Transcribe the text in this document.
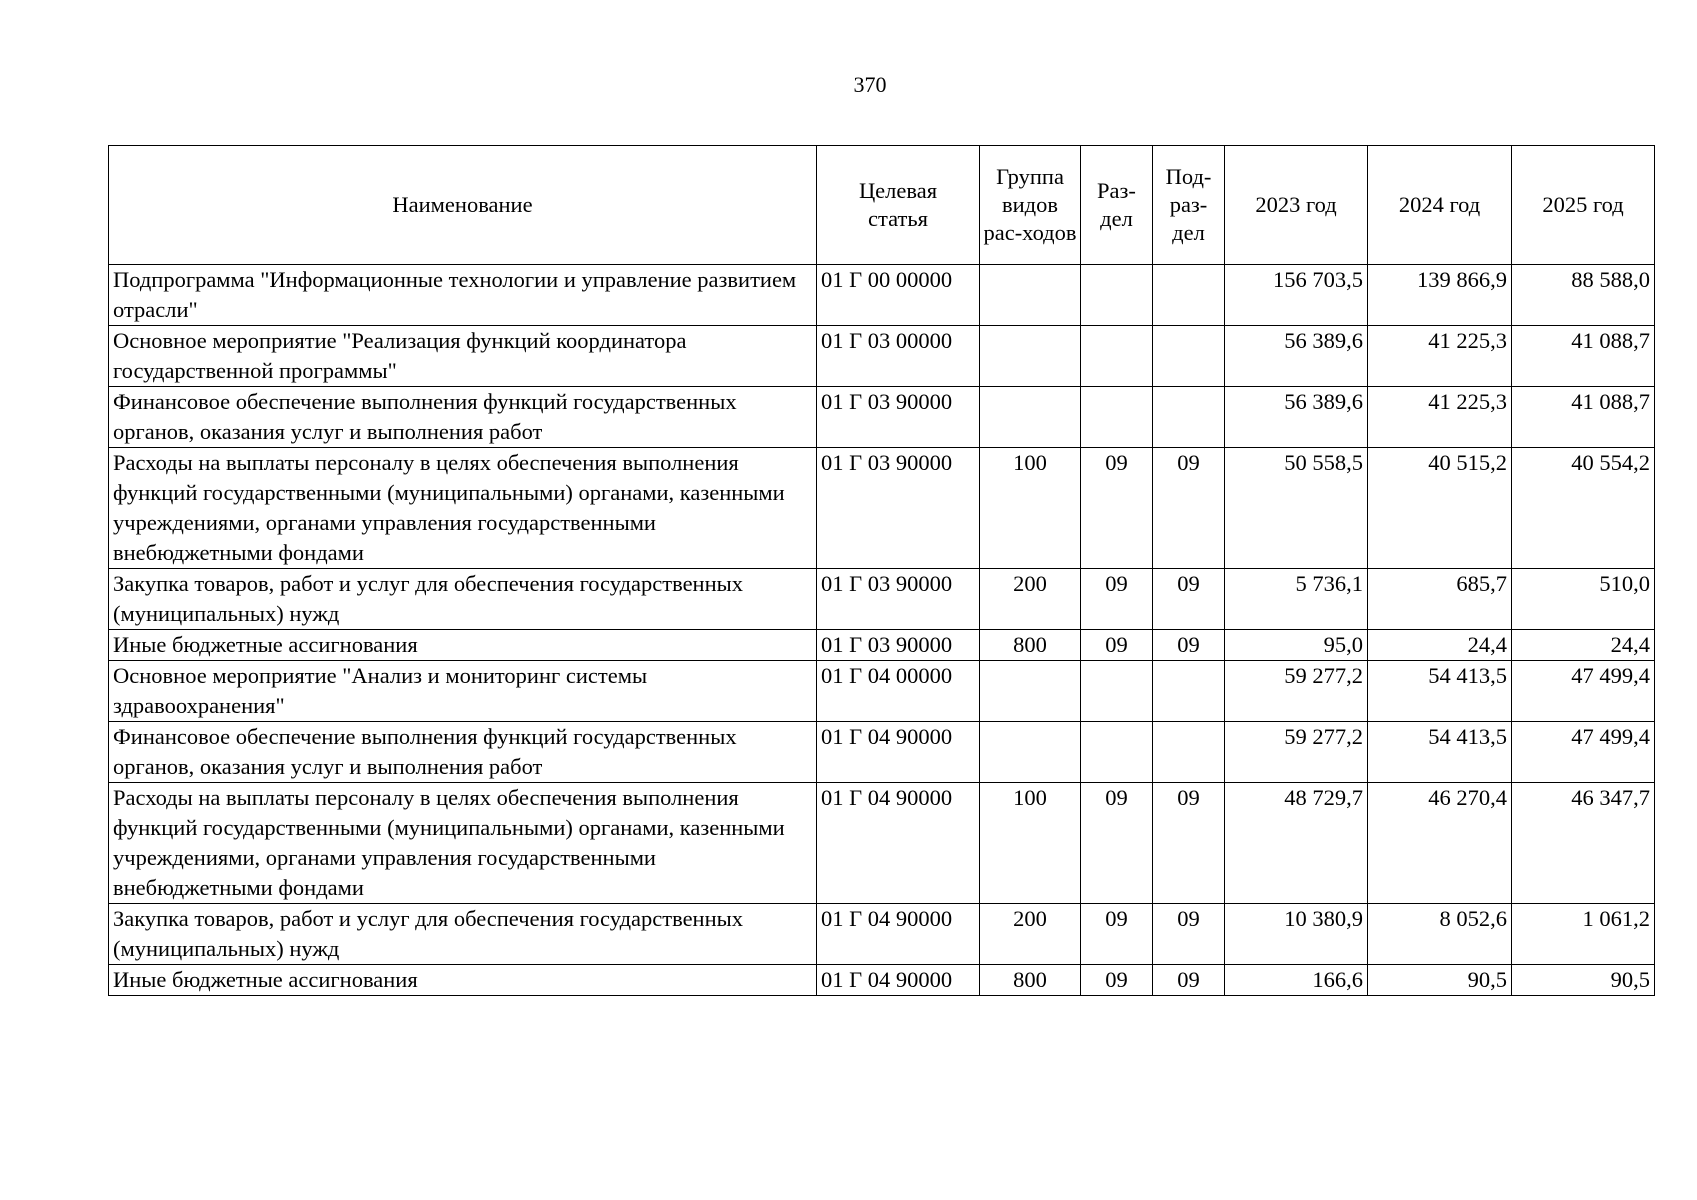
370
Наименование	Целевая статья	Группа видов рас-ходов	Раз-дел	Под-раз-дел	2023 год	2024 год	2025 год
Подпрограмма "Информационные технологии и управление развитием отрасли"	01 Г 00 00000				156 703,5	139 866,9	88 588,0
Основное мероприятие "Реализация функций координатора государственной программы"	01 Г 03 00000				56 389,6	41 225,3	41 088,7
Финансовое обеспечение выполнения функций государственных органов, оказания услуг и выполнения работ	01 Г 03 90000				56 389,6	41 225,3	41 088,7
Расходы на выплаты персоналу в целях обеспечения выполнения функций государственными (муниципальными) органами, казенными учреждениями, органами управления государственными внебюджетными фондами	01 Г 03 90000	100	09	09	50 558,5	40 515,2	40 554,2
Закупка товаров, работ и услуг для обеспечения государственных (муниципальных) нужд	01 Г 03 90000	200	09	09	5 736,1	685,7	510,0
Иные бюджетные ассигнования	01 Г 03 90000	800	09	09	95,0	24,4	24,4
Основное мероприятие "Анализ и мониторинг системы здравоохранения"	01 Г 04 00000				59 277,2	54 413,5	47 499,4
Финансовое обеспечение выполнения функций государственных органов, оказания услуг и выполнения работ	01 Г 04 90000				59 277,2	54 413,5	47 499,4
Расходы на выплаты персоналу в целях обеспечения выполнения функций государственными (муниципальными) органами, казенными учреждениями, органами управления государственными внебюджетными фондами	01 Г 04 90000	100	09	09	48 729,7	46 270,4	46 347,7
Закупка товаров, работ и услуг для обеспечения государственных (муниципальных) нужд	01 Г 04 90000	200	09	09	10 380,9	8 052,6	1 061,2
Иные бюджетные ассигнования	01 Г 04 90000	800	09	09	166,6	90,5	90,5
